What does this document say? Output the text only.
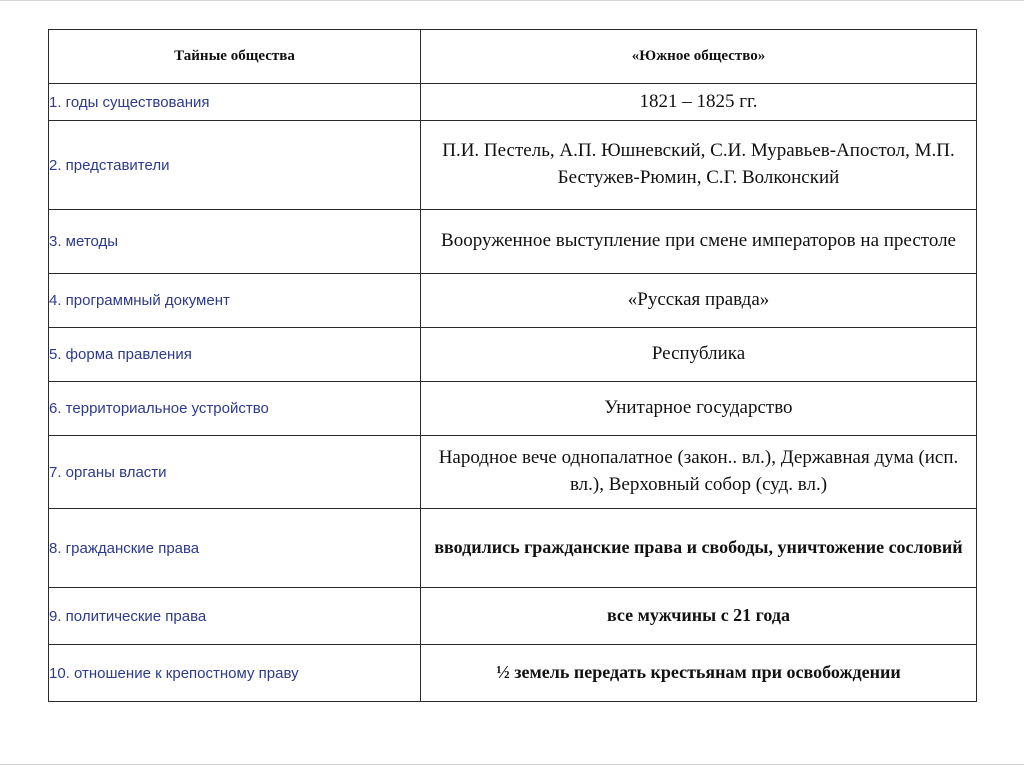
Тайные общества	«Южное общество»
1. годы существования	1821 – 1825 гг.
2. представители	П.И. Пестель, А.П. Юшневский, С.И. Муравьев-Апостол, М.П. Бестужев-Рюмин, С.Г. Волконский
3. методы	Вооруженное выступление при смене императоров на престоле
4. программный документ	«Русская правда»
5. форма правления	Республика
6. территориальное устройство	Унитарное государство
7. органы власти	Народное вече однопалатное (закон.. вл.), Державная дума (исп. вл.), Верховный собор (суд. вл.)
8. гражданские права	вводились гражданские права и свободы, уничтожение сословий
9. политические права	все мужчины с 21 года
10. отношение к крепостному праву	½ земель передать крестьянам при освобождении
